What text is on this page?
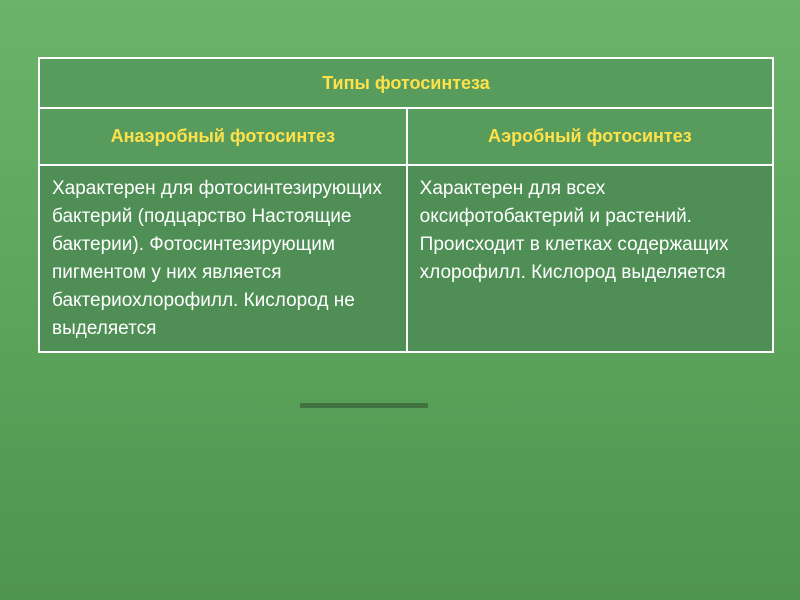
Типы фотосинтеза	
Анаэробный фотосинтез	Аэробный фотосинтез
Характерен для фотосинтезирующих бактерий (подцарство Настоящие бактерии). Фотосинтезирующим пигментом у них является бактериохлорофилл. Кислород не выделяется	Характерен для всех оксифотобактерий и растений. Происходит в клетках содержащих хлорофилл. Кислород выделяется
